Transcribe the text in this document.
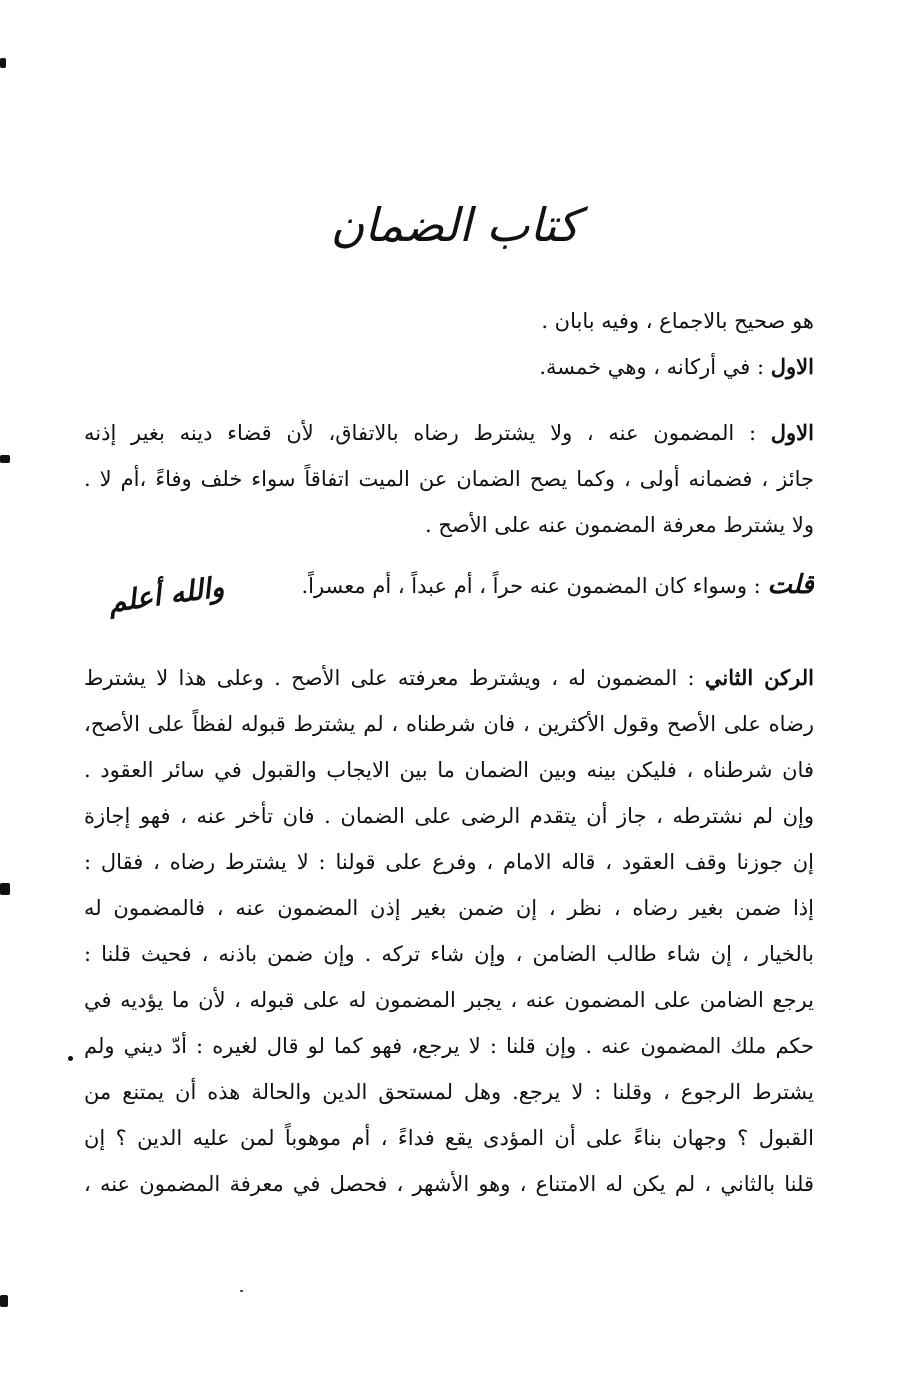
كتاب الضمان
هو صحيح بالاجماع ، وفيه بابان .
الاول : في أركانه ، وهي خمسة.
الاول : المضمون عنه ، ولا يشترط رضاه بالاتفاق، لأن قضاء دينه بغير إذنه
جائز ، فضمانه أولى ، وكما يصح الضمان عن الميت اتفاقاً سواء خلف وفاءً ،أم لا .
ولا يشترط معرفة المضمون عنه على الأصح .
قلت : وسواء كان المضمون عنه حراً ، أم عبداً ، أم معسراً.
والله أعلم
الركن الثاني : المضمون له ، ويشترط معرفته على الأصح . وعلى هذا لا يشترط
رضاه على الأصح وقول الأكثرين ، فان شرطناه ، لم يشترط قبوله لفظاً على الأصح،
فان شرطناه ، فليكن بينه وبين الضمان ما بين الايجاب والقبول في سائر العقود .
وإن لم نشترطه ، جاز أن يتقدم الرضى على الضمان . فان تأخر عنه ، فهو إجازة
إن جوزنا وقف العقود ، قاله الامام ، وفرع على قولنا : لا يشترط رضاه ، فقال :
إذا ضمن بغير رضاه ، نظر ، إن ضمن بغير إذن المضمون عنه ، فالمضمون له
بالخيار ، إن شاء طالب الضامن ، وإن شاء تركه . وإن ضمن باذنه ، فحيث قلنا :
يرجع الضامن على المضمون عنه ، يجبر المضمون له على قبوله ، لأن ما يؤديه في
حكم ملك المضمون عنه . وإن قلنا : لا يرجع، فهو كما لو قال لغيره : أدّ ديني ولم
يشترط الرجوع ، وقلنا : لا يرجع. وهل لمستحق الدين والحالة هذه أن يمتنع من
القبول ؟ وجهان بناءً على أن المؤدى يقع فداءً ، أم موهوباً لمن عليه الدين ؟ إن
قلنا بالثاني ، لم يكن له الامتناع ، وهو الأشهر ، فحصل في معرفة المضمون عنه ،
